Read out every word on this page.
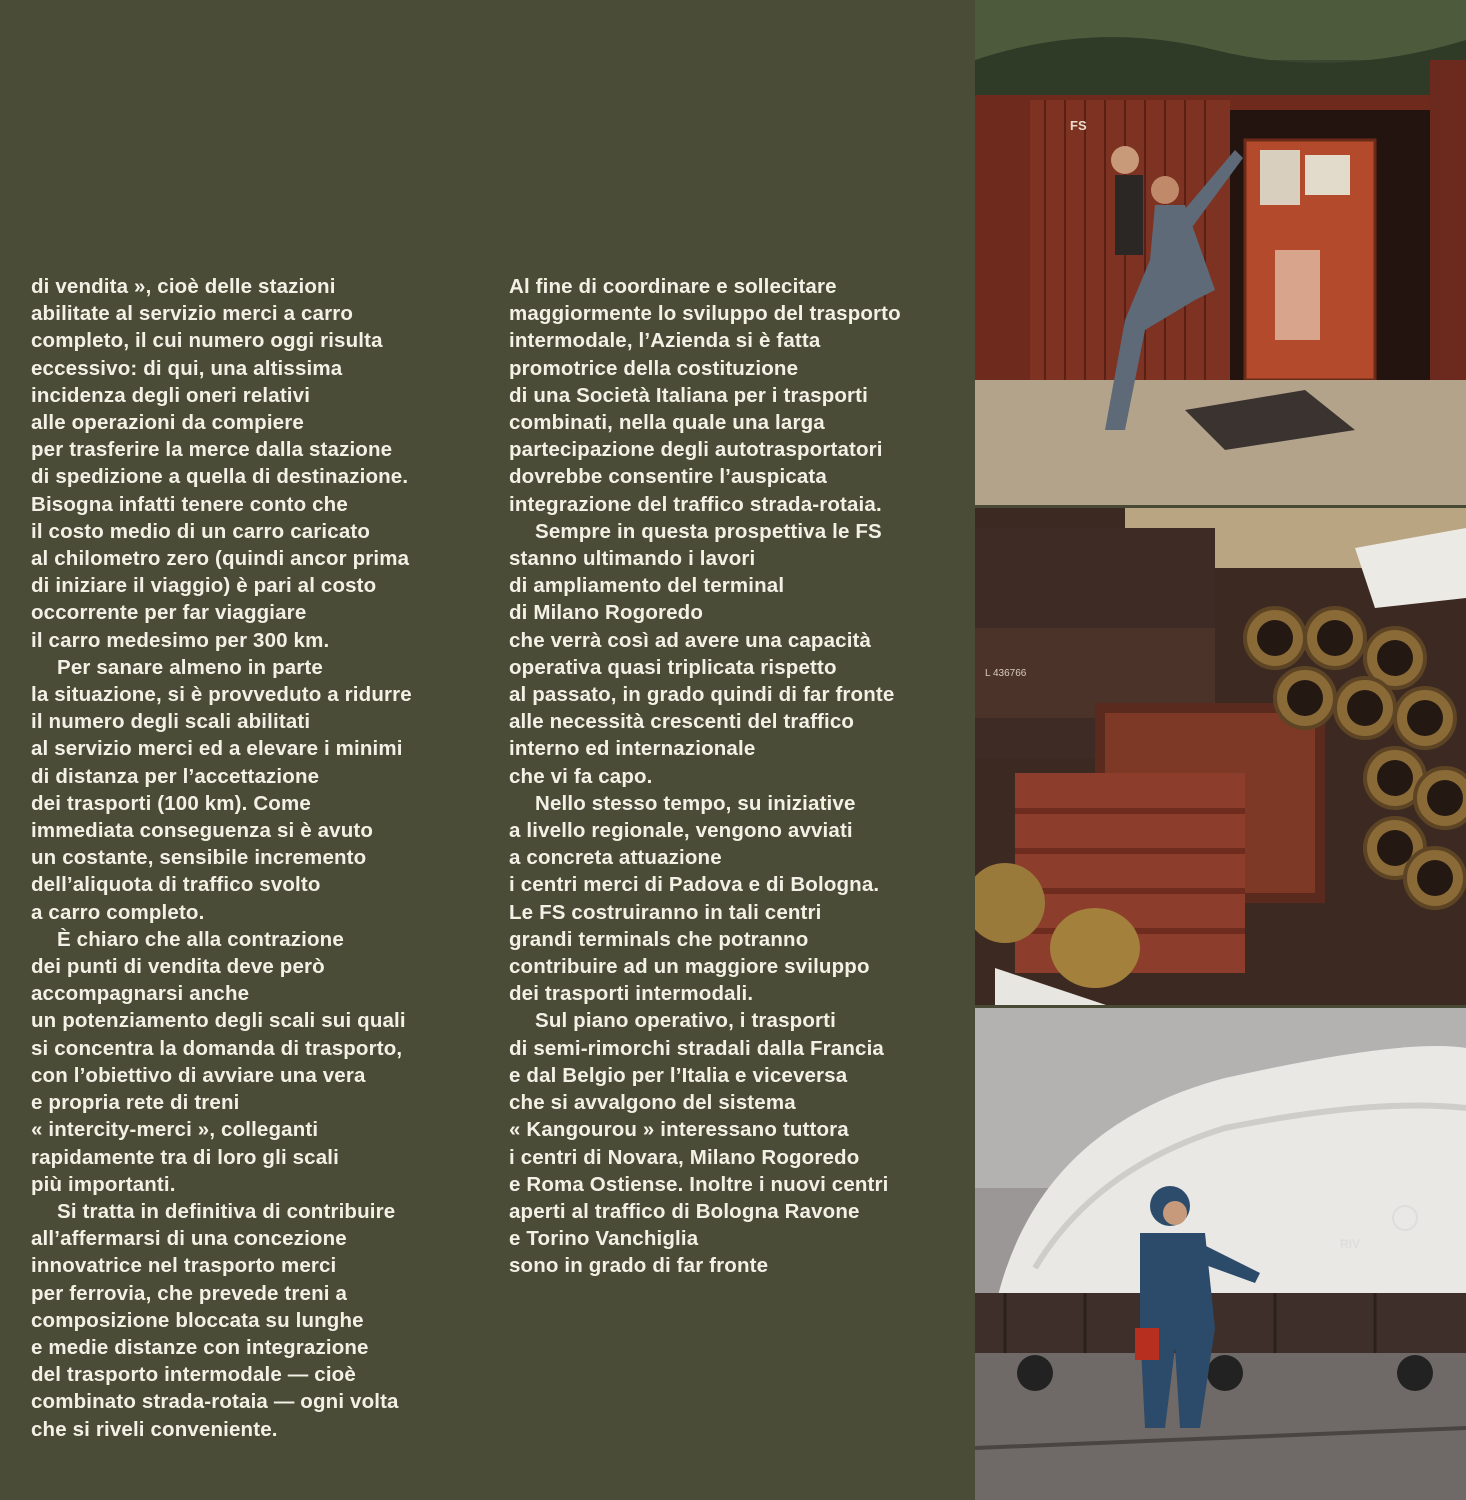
di vendita », cioè delle stazioni
abilitate al servizio merci a carro
completo, il cui numero oggi risulta
eccessivo: di qui, una altissima
incidenza degli oneri relativi
alle operazioni da compiere
per trasferire la merce dalla stazione
di spedizione a quella di destinazione.
Bisogna infatti tenere conto che
il costo medio di un carro caricato
al chilometro zero (quindi ancor prima
di iniziare il viaggio) è pari al costo
occorrente per far viaggiare
il carro medesimo per 300 km.
Per sanare almeno in parte
la situazione, si è provveduto a ridurre
il numero degli scali abilitati
al servizio merci ed a elevare i minimi
di distanza per l’accettazione
dei trasporti (100 km). Come
immediata conseguenza si è avuto
un costante, sensibile incremento
dell’aliquota di traffico svolto
a carro completo.
È chiaro che alla contrazione
dei punti di vendita deve però
accompagnarsi anche
un potenziamento degli scali sui quali
si concentra la domanda di trasporto,
con l’obiettivo di avviare una vera
e propria rete di treni
« intercity-merci », colleganti
rapidamente tra di loro gli scali
più importanti.
Si tratta in definitiva di contribuire
all’affermarsi di una concezione
innovatrice nel trasporto merci
per ferrovia, che prevede treni a
composizione bloccata su lunghe
e medie distanze con integrazione
del trasporto intermodale — cioè
combinato strada-rotaia — ogni volta
che si riveli conveniente.
Al fine di coordinare e sollecitare
maggiormente lo sviluppo del trasporto
intermodale, l’Azienda si è fatta
promotrice della costituzione
di una Società Italiana per i trasporti
combinati, nella quale una larga
partecipazione degli autotrasportatori
dovrebbe consentire l’auspicata
integrazione del traffico strada-rotaia.
Sempre in questa prospettiva le FS
stanno ultimando i lavori
di ampliamento del terminal
di Milano Rogoredo
che verrà così ad avere una capacità
operativa quasi triplicata rispetto
al passato, in grado quindi di far fronte
alle necessità crescenti del traffico
interno ed internazionale
che vi fa capo.
Nello stesso tempo, su iniziative
a livello regionale, vengono avviati
a concreta attuazione
i centri merci di Padova e di Bologna.
Le FS costruiranno in tali centri
grandi terminals che potranno
contribuire ad un maggiore sviluppo
dei trasporti intermodali.
Sul piano operativo, i trasporti
di semi-rimorchi stradali dalla Francia
e dal Belgio per l’Italia e viceversa
che si avvalgono del sistema
« Kangourou » interessano tuttora
i centri di Novara, Milano Rogoredo
e Roma Ostiense. Inoltre i nuovi centri
aperti al traffico di Bologna Ravone
e Torino Vanchiglia
sono in grado di far fronte
FS
L 436766
RIV
